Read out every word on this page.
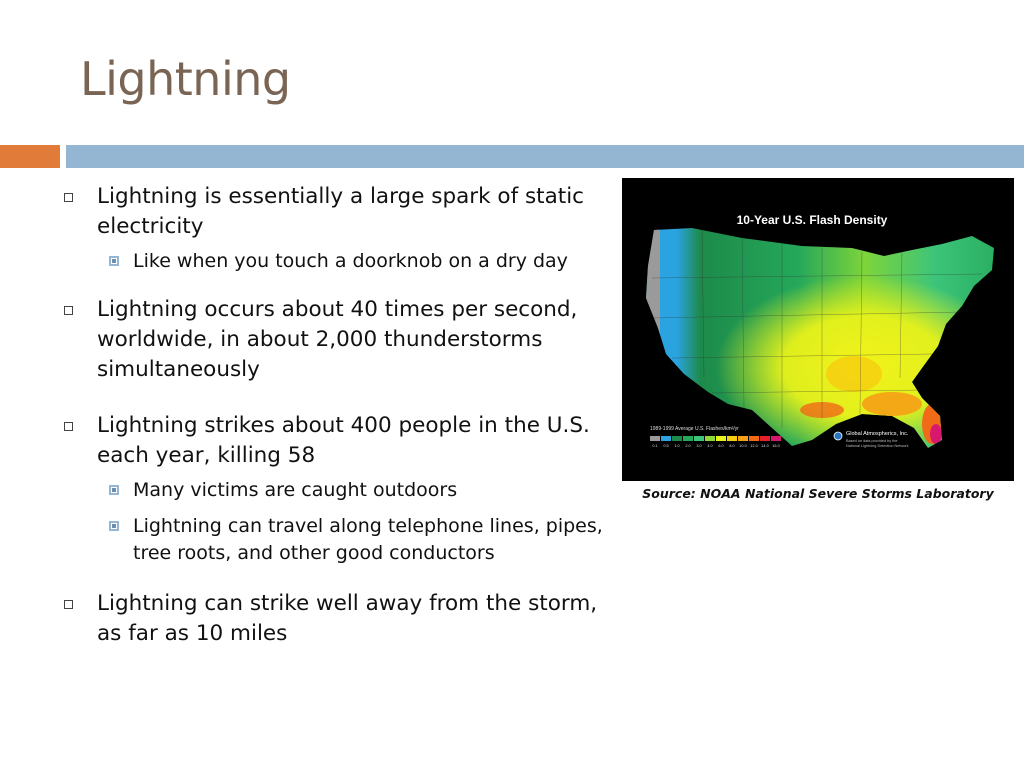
Lightning
Lightning is essentially a large spark of static electricity
Like when you touch a doorknob on a dry day
Lightning occurs about 40 times per second, worldwide, in about 2,000 thunderstorms simultaneously
Lightning strikes about 400 people in the U.S. each year, killing 58
Many victims are caught outdoors
Lightning can travel along telephone lines, pipes, tree roots, and other good conductors
Lightning can strike well away from the storm, as far as 10 miles
10-Year U.S. Flash Density
1989-1999 Average U.S. Flashes/km²/yr
0.1 0.5 1.0 2.0 3.0 4.0 6.0 8.0 10.0 12.0 14.0 16.0
Global Atmospherics, Inc.
Based on data provided by the
National Lightning Detection Network
Source: NOAA National Severe Storms Laboratory
